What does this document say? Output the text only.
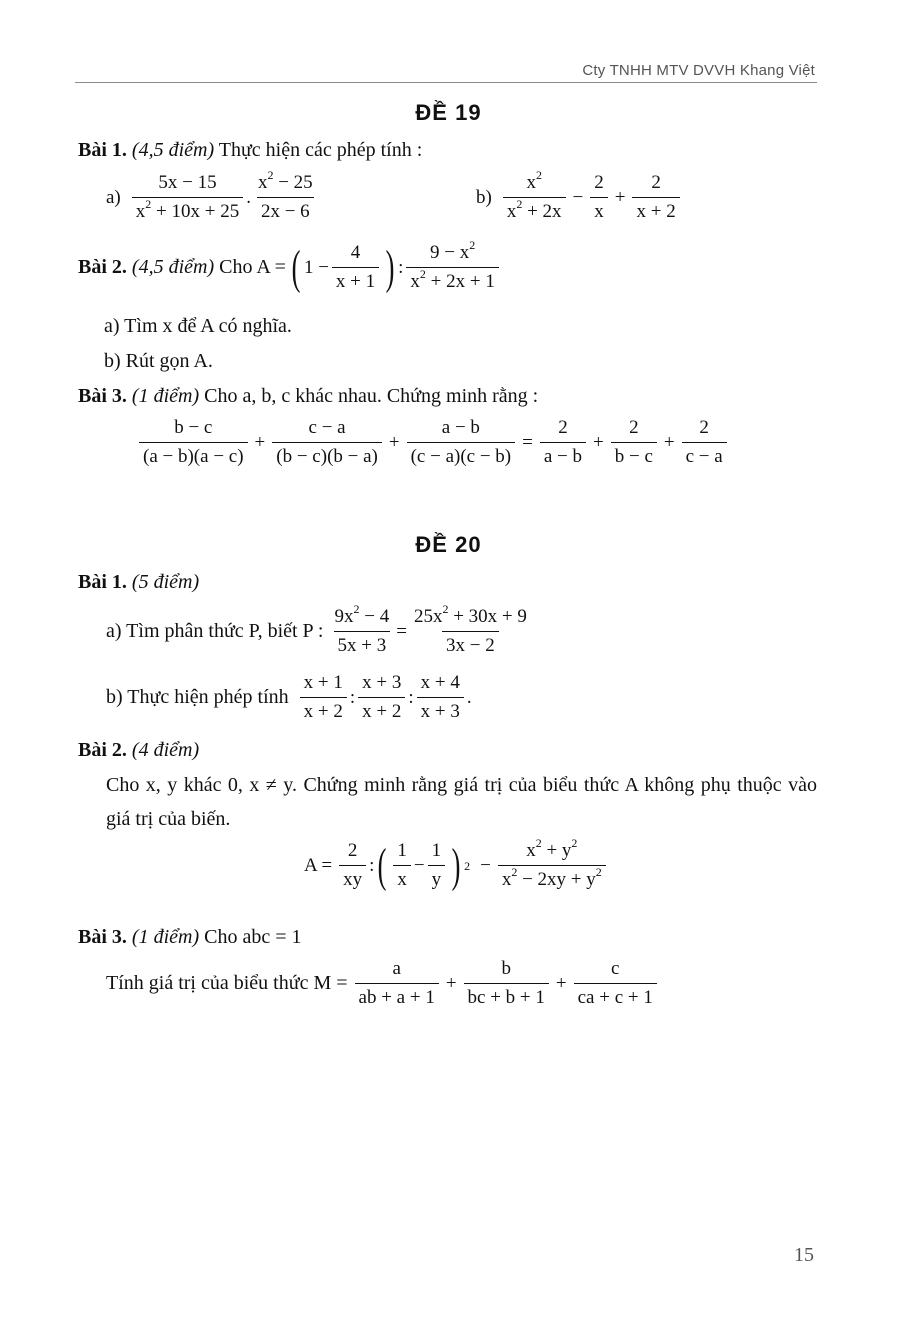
Cty TNHH MTV DVVH Khang Việt
ĐỀ 19
Bài 1. (4,5 điểm) Thực hiện các phép tính :
$a) \frac{5x - 15}{x^2 + 10x + 25}$ . $\frac{x^2 - 25}{2x - 6}$	$b) \frac{x^2}{x^2 + 2x} - \frac{2}{x} + \frac{2}{x + 2}$
Bài 2.
(4,5 điểm)
Cho A = ( $1 - \frac{4}{x + 1}$ ) : $\frac{9 - x^2}{x^2 + 2x + 1}$
a) Tìm x để A có nghĩa.
b) Rút gọn A.
Bài 3. (1 điểm) Cho a, b, c khác nhau. Chứng minh rằng :
$\frac{b - c}{(a - b)(a - c)} + \frac{c - a}{(b - c)(b - a)} + \frac{a - b}{(c - a)(c - b)} = \frac{2}{a - b} + \frac{2}{b - c} + \frac{2}{c - a}$
ĐỀ 20
Bài 1. (5 điểm)
a) Tìm phân thức P, biết P : $\frac{9x^2 - 4}{5x + 3} = \frac{25x^2 + 30x + 9}{3x - 2}$
b) Thực hiện phép tính $\frac{x + 1}{x + 2}$ : $\frac{x + 3}{x + 2}$ : $\frac{x + 4}{x + 3}$ .
Bài 2. (4 điểm)
Cho x, y khác 0, x ≠ y. Chứng minh rằng giá trị của biểu thức A không phụ thuộc vào giá trị của biến.
$A = \frac{2}{xy}$ : ( $\frac{1}{x} - \frac{1}{y}$ ) $2 - \frac{x^2 + y^2}{x^2 - 2xy + y^2}$
Bài 3. (1 điểm) Cho abc = 1
Tính giá trị của biểu thức $M = \frac{a}{ab + a + 1} + \frac{b}{bc + b + 1} + \frac{c}{ca + c + 1}$
15
